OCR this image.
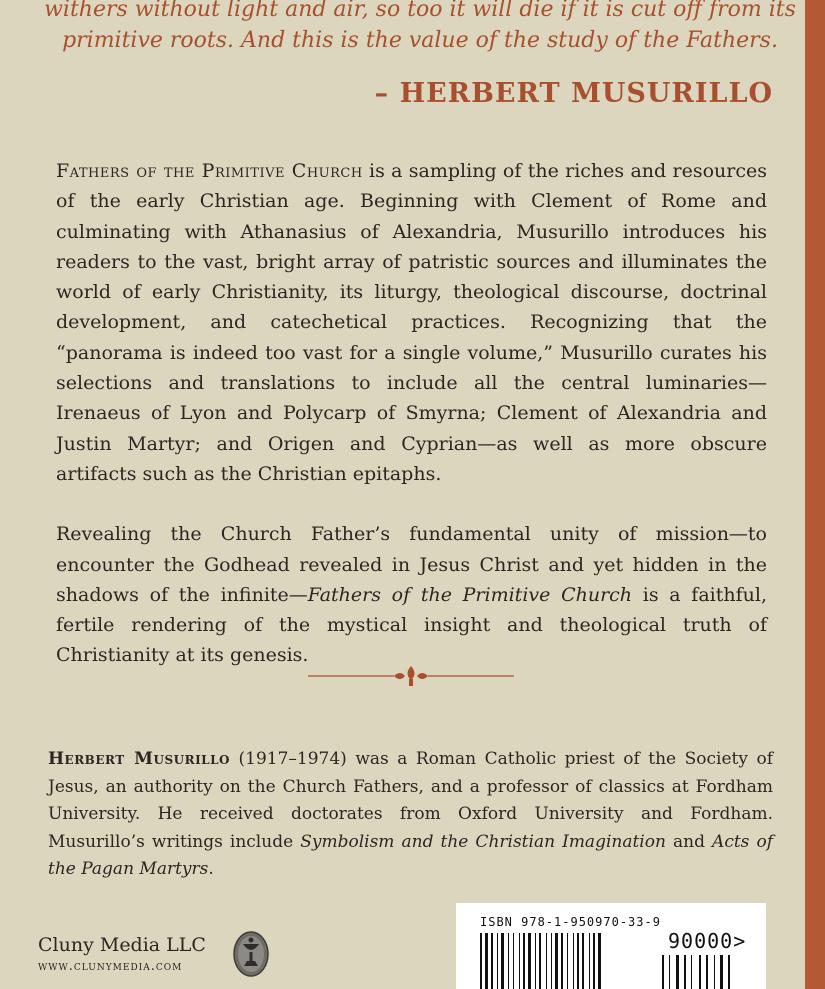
withers without light and air, so too it will die if it is cut off from its

primitive roots. And this is the value of the study of the Fathers.

– HERBERT MUSURILLO

Fathers of the Primitive Church is a sampling of the riches and resources of the early Christian age. Beginning with Clement of Rome and culminating with Athanasius of Alexandria, Musurillo introduces his readers to the vast, bright array of patristic sources and illuminates the world of early Christianity, its liturgy, theological discourse, doctrinal development, and catechetical practices. Recognizing that the “panorama is indeed too vast for a single volume,” Musurillo curates his selections and translations to include all the central luminaries—Irenaeus of Lyon and Polycarp of Smyrna; Clement of Alexandria and Justin Martyr; and Origen and Cyprian—as well as more obscure artifacts such as the Christian epitaphs.

Revealing the Church Father’s fundamental unity of mission—to encounter the Godhead revealed in Jesus Christ and yet hidden in the shadows of the infinite—Fathers of the Primitive Church is a faithful, fertile rendering of the mystical insight and theological truth of Christianity at its genesis.

Herbert Musurillo (1917–1974) was a Roman Catholic priest of the Society of Jesus, an authority on the Church Fathers, and a professor of classics at Fordham University. He received doctorates from Oxford University and Fordham. Musurillo’s writings include Symbolism and the Christian Imagination and Acts of the Pagan Martyrs.

Cluny Media LLC
www.clunymedia.com
ISBN 978-1-950970-33-9
90000>
